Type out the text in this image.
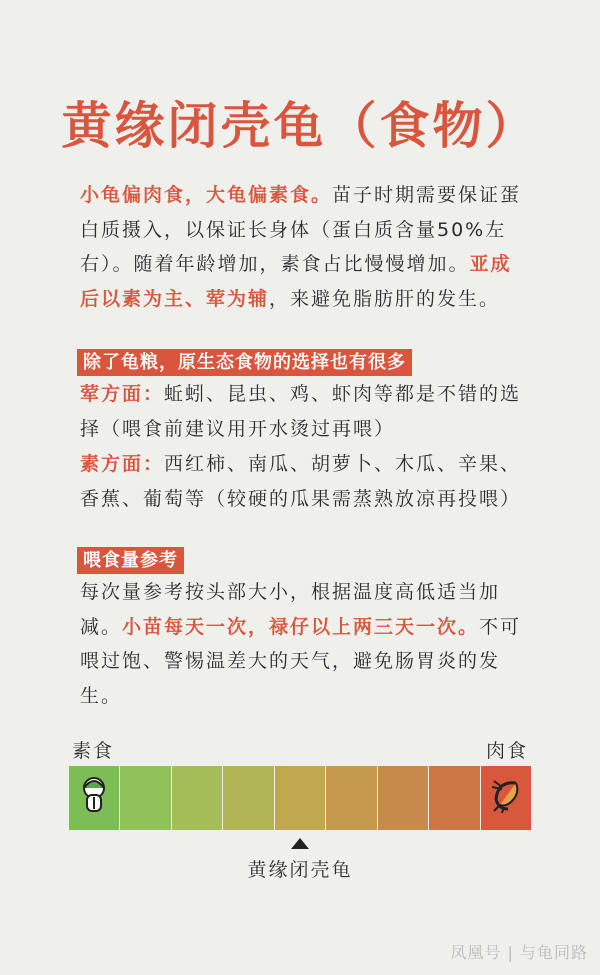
黄缘闭壳龟（食物）

小龟偏肉食，大龟偏素食。苗子时期需要保证蛋白质摄入，以保证长身体（蛋白质含量50%左右）。随着年龄增加，素食占比慢慢增加。亚成后以素为主、荤为辅，来避免脂肪肝的发生。

除了龟粮，原生态食物的选择也有很多

荤方面：蚯蚓、昆虫、鸡、虾肉等都是不错的选择（喂食前建议用开水烫过再喂）

素方面：西红柿、南瓜、胡萝卜、木瓜、辛果、香蕉、葡萄等（较硬的瓜果需蒸熟放凉再投喂）

喂食量参考

每次量参考按头部大小，根据温度高低适当加减。小苗每天一次，禄仔以上两三天一次。不可喂过饱、警惕温差大的天气，避免肠胃炎的发生。

素食	肉食
黄缘闭壳龟
凤凰号 | 与龟同路
